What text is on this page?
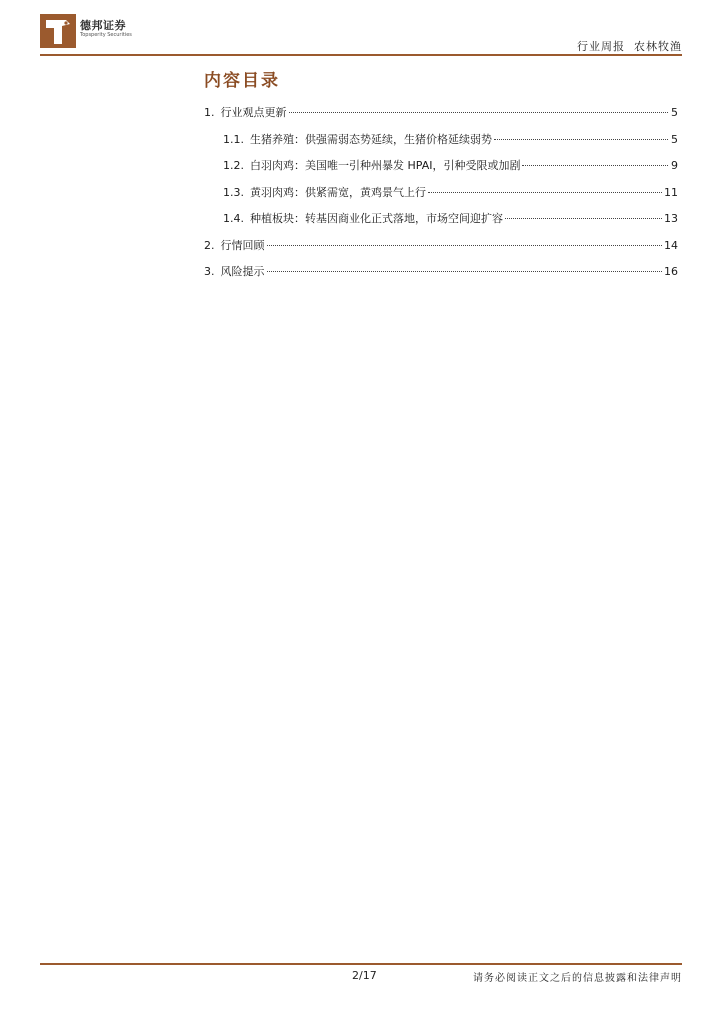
德邦证券
Topsperity Securities
行业周报  农林牧渔
内容目录
1. 行业观点更新	5
1.1. 生猪养殖：供强需弱态势延续，生猪价格延续弱势	5
1.2. 白羽肉鸡：美国唯一引种州暴发 HPAI，引种受限或加剧	9
1.3. 黄羽肉鸡：供紧需宽，黄鸡景气上行	11
1.4. 种植板块：转基因商业化正式落地，市场空间迎扩容	13
2. 行情回顾	14
3. 风险提示	16
2/17	请务必阅读正文之后的信息披露和法律声明
